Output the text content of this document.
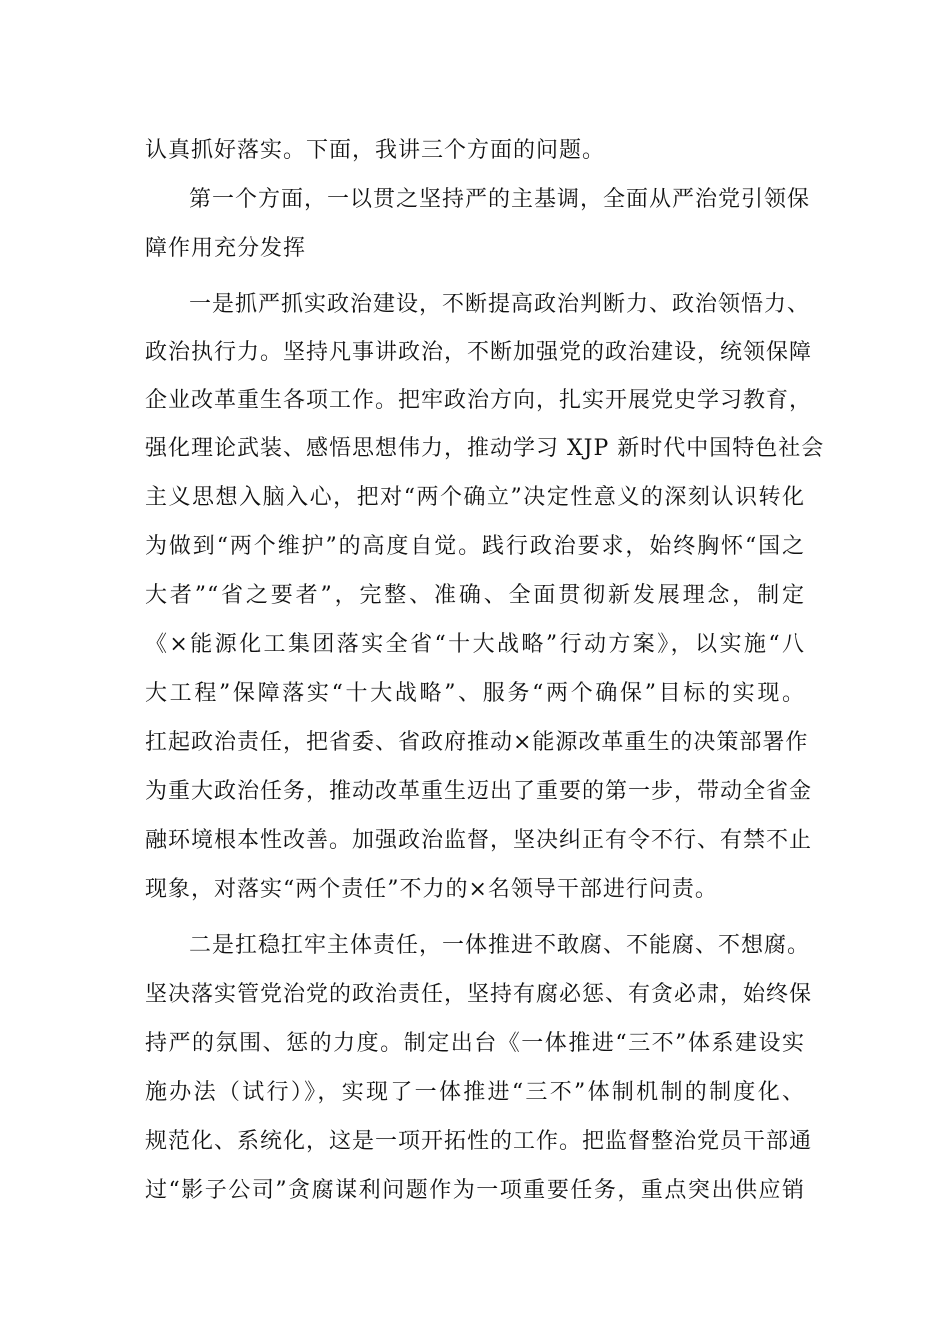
认真抓好落实。下面，我讲三个方面的问题。
第一个方面，一以贯之坚持严的主基调，全面从严治党引领保
障作用充分发挥
一是抓严抓实政治建设，不断提高政治判断力、政治领悟力、
政治执行力。坚持凡事讲政治，不断加强党的政治建设，统领保障
企业改革重生各项工作。把牢政治方向，扎实开展党史学习教育，
强化理论武装、感悟思想伟力，推动学习 XJP 新时代中国特色社会
主义思想入脑入心，把对“两个确立”决定性意义的深刻认识转化
为做到“两个维护”的高度自觉。践行政治要求，始终胸怀“国之
大者”“省之要者”，完整、准确、全面贯彻新发展理念，制定
《×能源化工集团落实全省“十大战略”行动方案》，以实施“八
大工程”保障落实“十大战略”、服务“两个确保”目标的实现。
扛起政治责任，把省委、省政府推动×能源改革重生的决策部署作
为重大政治任务，推动改革重生迈出了重要的第一步，带动全省金
融环境根本性改善。加强政治监督，坚决纠正有令不行、有禁不止
现象，对落实“两个责任”不力的×名领导干部进行问责。
二是扛稳扛牢主体责任，一体推进不敢腐、不能腐、不想腐。
坚决落实管党治党的政治责任，坚持有腐必惩、有贪必肃，始终保
持严的氛围、惩的力度。制定出台《一体推进“三不”体系建设实
施办法（试行）》，实现了一体推进“三不”体制机制的制度化、
规范化、系统化，这是一项开拓性的工作。把监督整治党员干部通
过“影子公司”贪腐谋利问题作为一项重要任务，重点突出供应销
